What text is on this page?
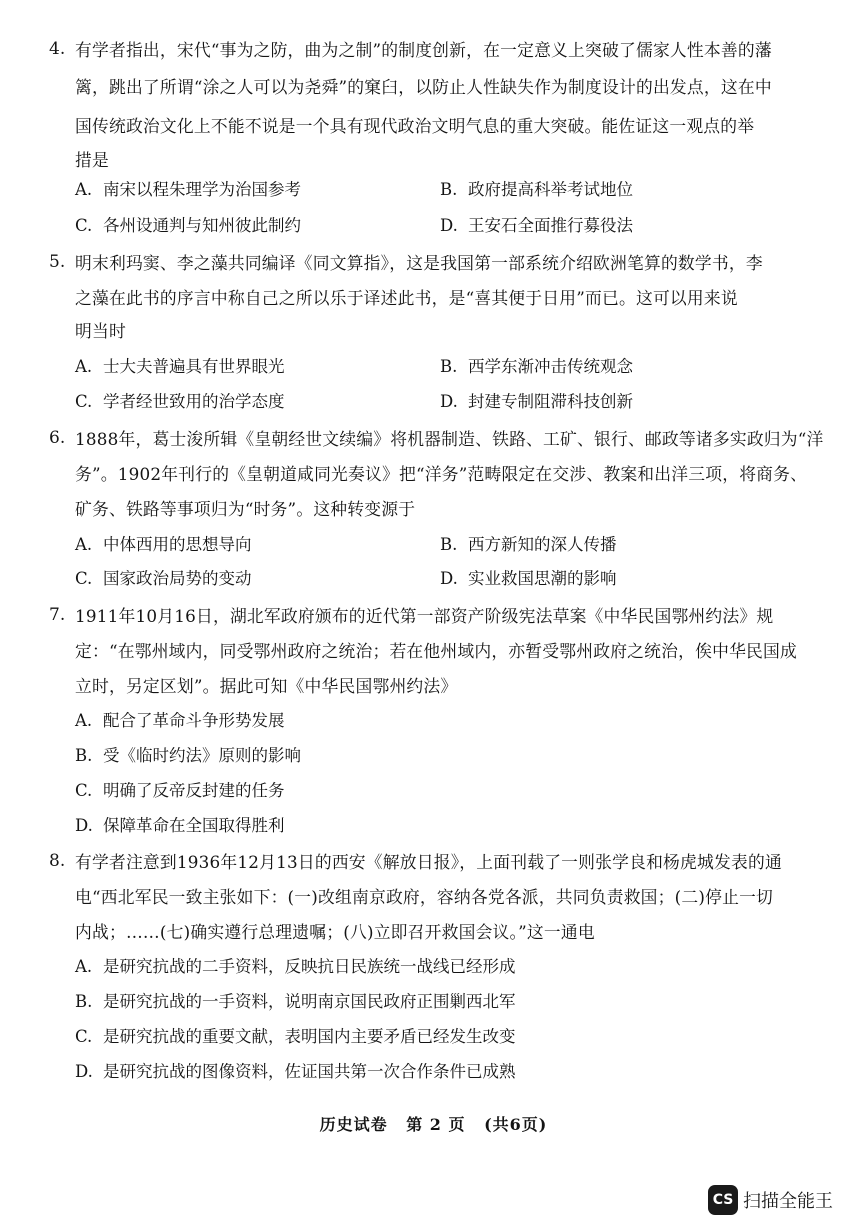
4. 有学者指出，宋代“事为之防，曲为之制”的制度创新，在一定意义上突破了儒家人性本善的藩
篱，跳出了所谓“涂之人可以为尧舜”的窠臼，以防止人性缺失作为制度设计的出发点，这在中
国传统政治文化上不能不说是一个具有现代政治文明气息的重大突破。能佐证这一观点的举
措是
A. 南宋以程朱理学为治国参考	B. 政府提高科举考试地位
C. 各州设通判与知州彼此制约	D. 王安石全面推行募役法
5. 明末利玛窦、李之藻共同编译《同文算指》，这是我国第一部系统介绍欧洲笔算的数学书，李
之藻在此书的序言中称自己之所以乐于译述此书，是“喜其便于日用”而已。这可以用来说
明当时
A. 士大夫普遍具有世界眼光	B. 西学东渐冲击传统观念
C. 学者经世致用的治学态度	D. 封建专制阻滞科技创新
6. 1888年，葛士浚所辑《皇朝经世文续编》将机器制造、铁路、工矿、银行、邮政等诸多实政归为“洋
务”。1902年刊行的《皇朝道咸同光奏议》把“洋务”范畴限定在交涉、教案和出洋三项，将商务、
矿务、铁路等事项归为“时务”。这种转变源于
A. 中体西用的思想导向	B. 西方新知的深人传播
C. 国家政治局势的变动	D. 实业救国思潮的影响
7. 1911年10月16日，湖北军政府颁布的近代第一部资产阶级宪法草案《中华民国鄂州约法》规
定：“在鄂州域内，同受鄂州政府之统治；若在他州域内，亦暂受鄂州政府之统治，俟中华民国成
立时，另定区划”。据此可知《中华民国鄂州约法》
A. 配合了革命斗争形势发展
B. 受《临时约法》原则的影响
C. 明确了反帝反封建的任务
D. 保障革命在全国取得胜利
8. 有学者注意到1936年12月13日的西安《解放日报》，上面刊载了一则张学良和杨虎城发表的通
电“西北军民一致主张如下：(一)改组南京政府，容纳各党各派，共同负责救国；(二)停止一切
内战；……(七)确实遵行总理遗嘱；(八)立即召开救国会议。”这一通电
A. 是研究抗战的二手资料，反映抗日民族统一战线已经形成
B. 是研究抗战的一手资料，说明南京国民政府正围剿西北军
C. 是研究抗战的重要文献，表明国内主要矛盾已经发生改变
D. 是研究抗战的图像资料，佐证国共第一次合作条件已成熟
历史试卷 第 2 页 (共6页)
CS 扫描全能王
